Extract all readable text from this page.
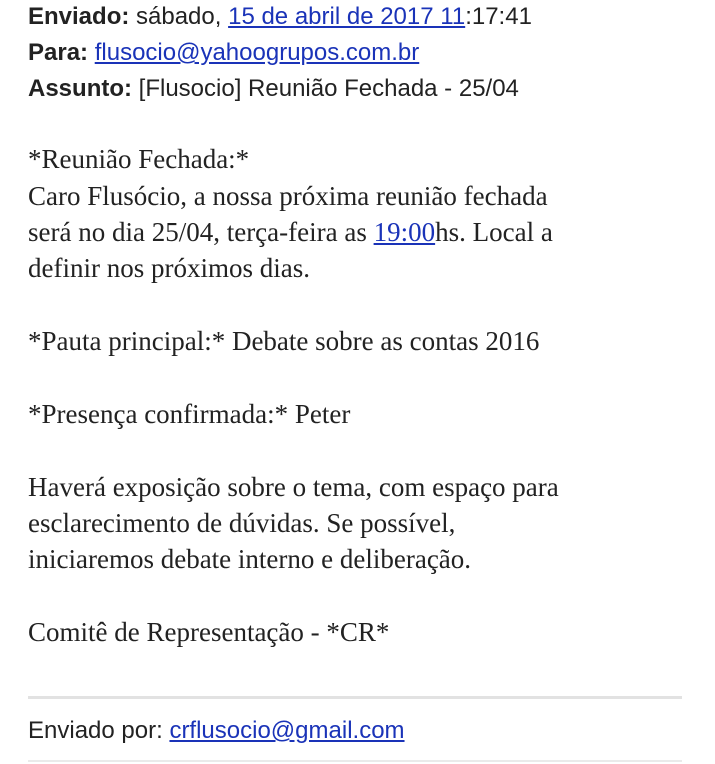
Enviado: sábado, 15 de abril de 2017 11:17:41
Para: flusocio@yahoogrupos.com.br
Assunto: [Flusocio] Reunião Fechada - 25/04
*Reunião Fechada:*
Caro Flusócio, a nossa próxima reunião fechada
será no dia 25/04, terça-feira as 19:00hs. Local a
definir nos próximos dias.
*Pauta principal:* Debate sobre as contas 2016
*Presença confirmada:* Peter
Haverá exposição sobre o tema, com espaço para
esclarecimento de dúvidas. Se possível,
iniciaremos debate interno e deliberação.
Comitê de Representação - *CR*
Enviado por: crflusocio@gmail.com
